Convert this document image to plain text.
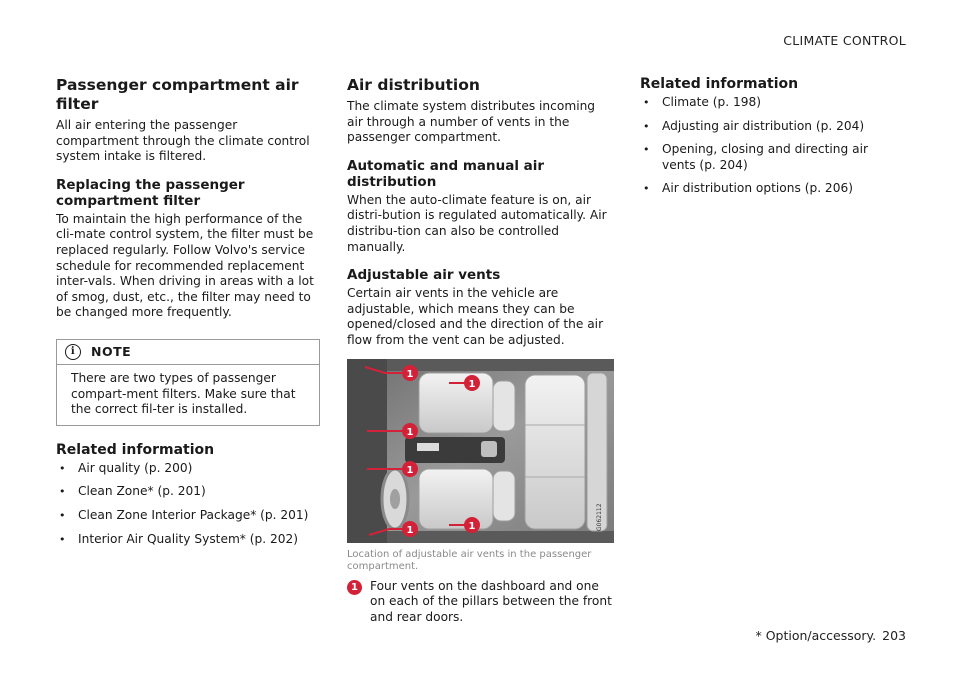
CLIMATE CONTROL
Passenger compartment air filter

All air entering the passenger compartment through the climate control system intake is filtered.

Replacing the passenger compartment filter

To maintain the high performance of the cli-mate control system, the filter must be replaced regularly. Follow Volvo's service schedule for recommended replacement inter-vals. When driving in areas with a lot of smog, dust, etc., the filter may need to be changed more frequently.

i	NOTE
There are two types of passenger compart-ment filters. Make sure that the correct fil-ter is installed.
Related information
• Air quality (p. 200)
• Clean Zone* (p. 201)
• Clean Zone Interior Package* (p. 201)
• Interior Air Quality System* (p. 202)
Air distribution

The climate system distributes incoming air through a number of vents in the passenger compartment.

Automatic and manual air distribution

When the auto-climate feature is on, air distri-bution is regulated automatically. Air distribu-tion can also be controlled manually.

Adjustable air vents

Certain air vents in the vehicle are adjustable, which means they can be opened/closed and the direction of the air flow from the vent can be adjusted.

1
1
1
1
1	1	G062112
Location of adjustable air vents in the passenger compartment.
1 Four vents on the dashboard and one on each of the pillars between the front and rear doors.

Related information
• Climate (p. 198)
• Adjusting air distribution (p. 204)
• Opening, closing and directing air vents (p. 204)
• Air distribution options (p. 206)
* Option/accessory. 203
